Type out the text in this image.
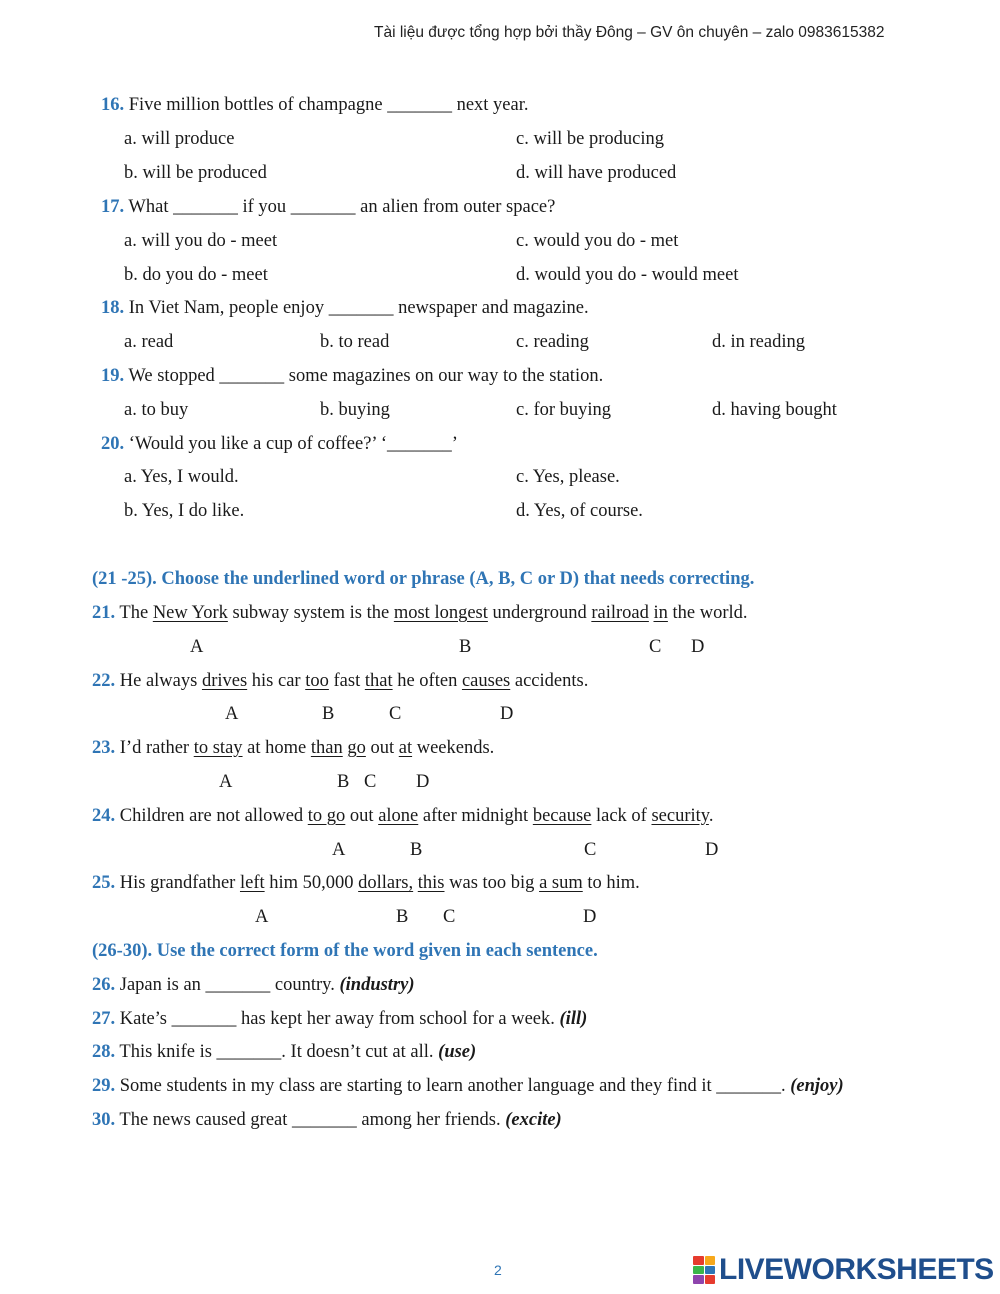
Tài liệu được tổng hợp bởi thầy Đông – GV ôn chuyên – zalo 0983615382
16. Five million bottles of champagne _______ next year.
a. will produce	c. will be producing
b. will be produced	d. will have produced
17. What _______ if you _______ an alien from outer space?
a. will you do - meet	c. would you do - met
b. do you do - meet	d. would you do - would meet
18. In Viet Nam, people enjoy _______ newspaper and magazine.
a. read	b. to read	c. reading	d. in reading
19. We stopped _______ some magazines on our way to the station.
a. to buy	b. buying	c. for buying	d. having bought
20. ‘Would you like a cup of coffee?’ ‘_______’
a. Yes, I would.	c. Yes, please.
b. Yes, I do like.	d. Yes, of course.
(21 -25). Choose the underlined word or phrase (A, B, C or D) that needs correcting.
21. The New York subway system is the most longest underground railroad in the world.
A	B	C D
22. He always drives his car too fast that he often causes accidents.
A	B	C	D
23. I’d rather to stay at home than go out at weekends.
A	B C D
24. Children are not allowed to go out alone after midnight because lack of security.
A	B	C	D
25. His grandfather left him 50,000 dollars, this was too big a sum to him.
A	B C	D
(26-30). Use the correct form of the word given in each sentence.
26. Japan is an _______ country. (industry)
27. Kate’s _______ has kept her away from school for a week. (ill)
28. This knife is _______. It doesn’t cut at all. (use)
29. Some students in my class are starting to learn another language and they find it _______. (enjoy)
30. The news caused great _______ among her friends. (excite)
2	LIVEWORKSHEETS
